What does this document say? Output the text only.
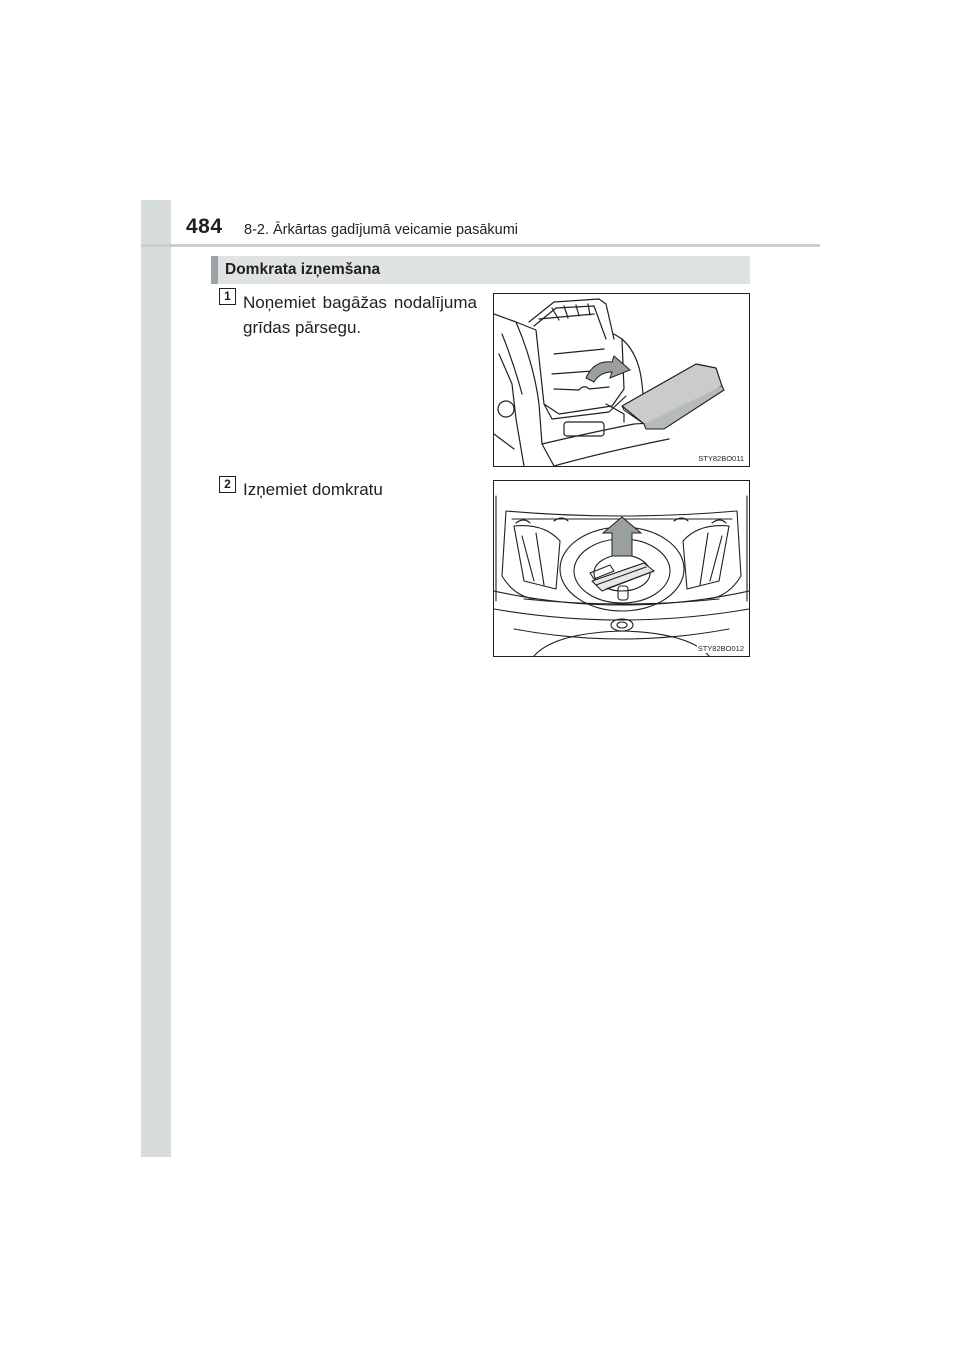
484 8-2. Ārkārtas gadījumā veicamie pasākumi
Domkrata izņemšana
1 Noņemiet bagāžas nodalījuma
grīdas pārsegu.
STY82BO011
2 Izņemiet domkratu
STY82BO012
